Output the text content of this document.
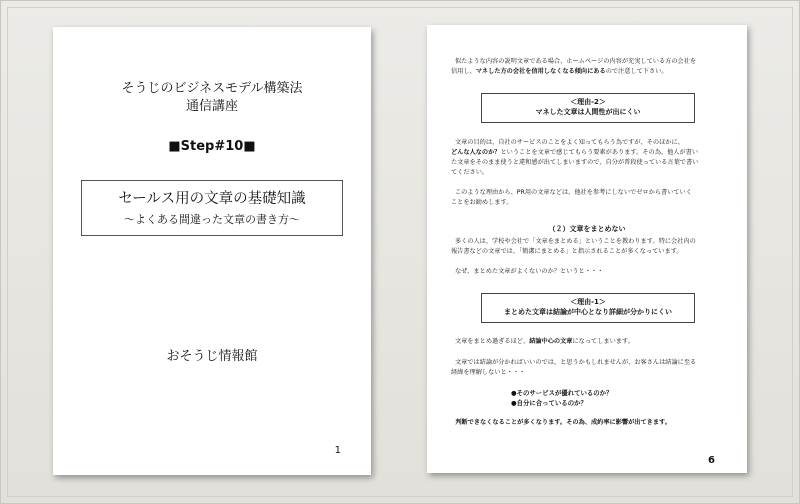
そうじのビジネスモデル構築法
通信講座
■Step#10■
セールス用の文章の基礎知識
〜よくある間違った文章の書き方〜
おそうじ情報館
1
似たような内容の説明文章である場合、ホームページの内容が充実している方の会社を
信用し、マネした方の会社を信用しなくなる傾向にあるので注意して下さい。
＜理由-2＞
マネした文章は人間性が出にくい
文章の目的は、自社のサービスのことをよく知ってもらう為ですが、そのほかに、
どんな人なのか？ということを文章で感じてもらう要素があります。その為、他人が書い
た文章をそのまま使うと違和感が出てしまいますので、自分が普段使っている言葉で書い
てください。
このような理由から、PR用の文章などは、他社を参考にしないでゼロから書いていく
ことをお勧めします。
（２）文章をまとめない
多くの人は、学校や会社で「文章をまとめる」ということを教わります。特に会社内の
報告書などの文章では、「簡潔にまとめる」と指示されることが多くなっています。
なぜ、まとめた文章がよくないのか？というと・・・
＜理由-1＞
まとめた文章は結論が中心となり詳細が分かりにくい
文章をまとめ過ぎるほど、結論中心の文章になってしまいます。
文章では結論が分かればいいのでは、と思うかもしれませんが、お客さんは結論に至る
経緯を理解しないと・・・
●そのサービスが優れているのか？
●自分に合っているのか？
判断できなくなることが多くなります。その為、成約率に影響が出てきます。
6
